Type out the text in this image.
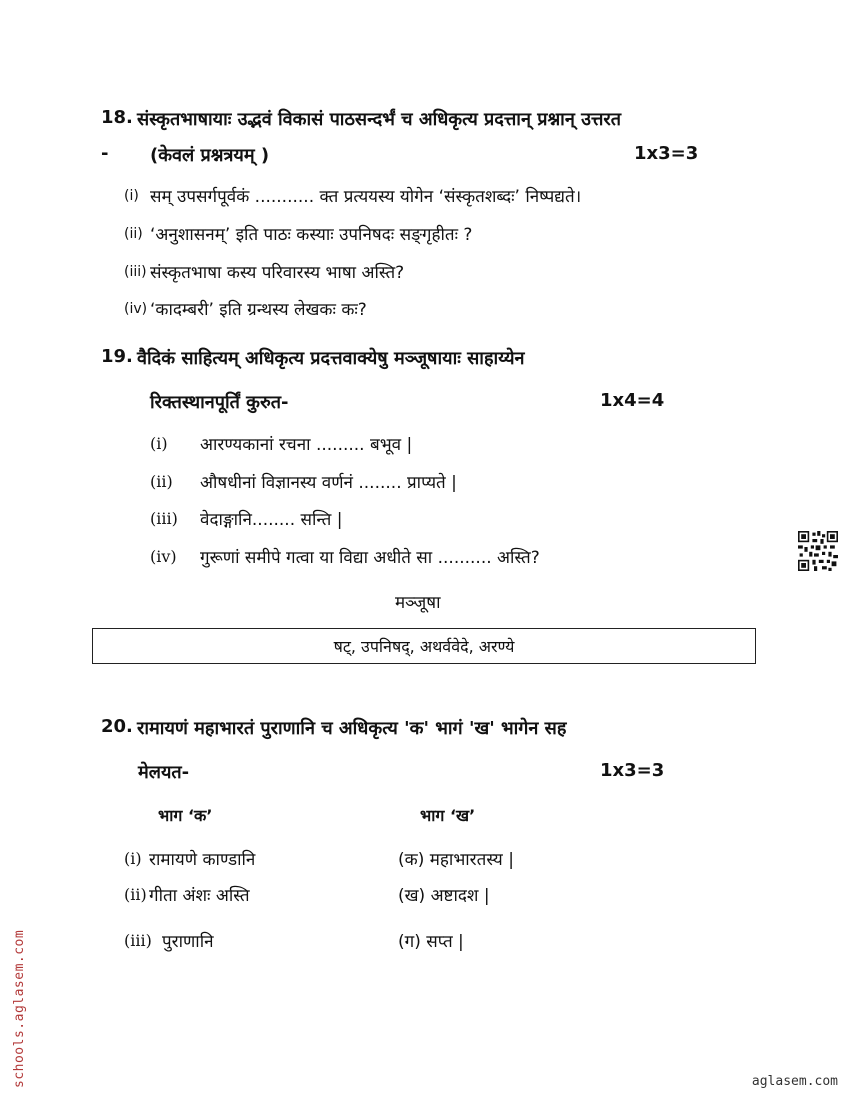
18. संस्कृतभाषायाः उद्भवं विकासं पाठसन्दर्भं च अधिकृत्य प्रदत्तान् प्रश्नान् उत्तरत
- (केवलं प्रश्नत्रयम् )	1x3=3
(i) सम् उपसर्गपूर्वकं ........... क्त प्रत्ययस्य योगेन ‘संस्कृतशब्दः’ निष्पद्यते।
(ii) ‘अनुशासनम्’ इति पाठः कस्याः उपनिषदः सङ्गृहीतः ?
(iii) संस्कृतभाषा कस्य परिवारस्य भाषा अस्ति?
(iv) ‘कादम्बरी’ इति ग्रन्थस्य लेखकः कः?
19. वैदिकं साहित्यम् अधिकृत्य प्रदत्तवाक्येषु मञ्जूषायाः साहाय्येन
रिक्तस्थानपूर्तिं कुरुत-	1x4=4
(i) आरण्यकानां रचना ......... बभूव |
(ii) औषधीनां विज्ञानस्य वर्णनं ........ प्राप्यते |
(iii) वेदाङ्गानि........ सन्ति |
(iv) गुरूणां समीपे गत्वा या विद्या अधीते सा .......... अस्ति?
मञ्जूषा
षट्, उपनिषद्, अथर्ववेदे, अरण्ये
20. रामायणं महाभारतं पुराणानि च अधिकृत्य 'क' भागं 'ख' भागेन सह
मेलयत-	1x3=3
भाग ‘क’	भाग ‘ख’
(i) रामायणे काण्डानि	(क) महाभारतस्य |
(ii) गीता अंशः अस्ति	(ख) अष्टादश |
(iii) पुराणानि	(ग) सप्त |
schools.aglasem.com	aglasem.com
